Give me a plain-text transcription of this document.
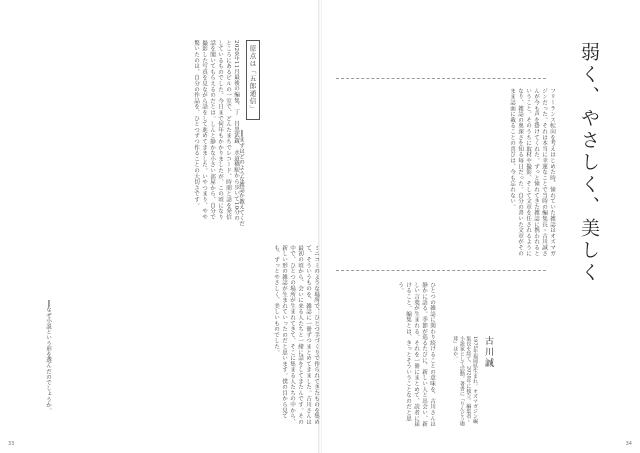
2020年11月最後の編集、丁　目黒武蔵　水道橋駅から歩いて10分のところにあるビルの一室で、どんたまちでレコード、時間と話を発信しているものでした。今日まで何年もかかりましたが、この頃になり話を聞いてもらえるのだとは。しんと静かな小さい部屋から、自分で撮影した写真を見ながら話をして進めてきました。いやつまり、やや驚いたのは、自分の作品を、ひとつずつ作ることの大切さです。	原点は「五郎通信」
━━まずはどのような雑誌か教えてくだ
ミニコミのような場所で、ひとつ手づくりで作られてきたものを集めて、そういうものを、雑誌に一冊ずつまとめてきました。古川さんは最初の頃から、会いに来る人たちと一緒に話をしてきたんです。その中で、ひとつの場所が生まれてきて、そこに集まる人たちの中から、新しい形の雑誌が生まれていったのだと思います。僕の目から見ても、ずっとやさしく、美しいものでした。
━━なぜ小説という形を選んだのでしょうか。
33
弱く、やさしく、美しく
フリーランス転向を考えはじめた時、憧れていた雑誌はオズマガジンだった。それは本当に幸運なことで当時の編集長・古川誠さんが今も声を掛けてくれた。ずっと憧れてきた雑誌に携われるということ。そのうちに取材や撮影、そして文章を任されるようになり、雑誌の奥深さを知る毎日だった。自分の書いた文章がそのまま誌面に載ることの喜びは、今も忘れない。
ひとつの雑誌に関わり続けることの意味を、古川さんは静かに語る。季節が巡るたびに、新しい人と出会い、新しい言葉が生まれる。それを一冊にまとめて、読者に届けること。編集とは、きっとそういうことなのだと思う。
古川誠
1975年福岡県生まれ。オズマガジン編集長を経て、2020年に独立。編集者・小説家として活動。著書に『りんどう珈琲』ほか。
34
